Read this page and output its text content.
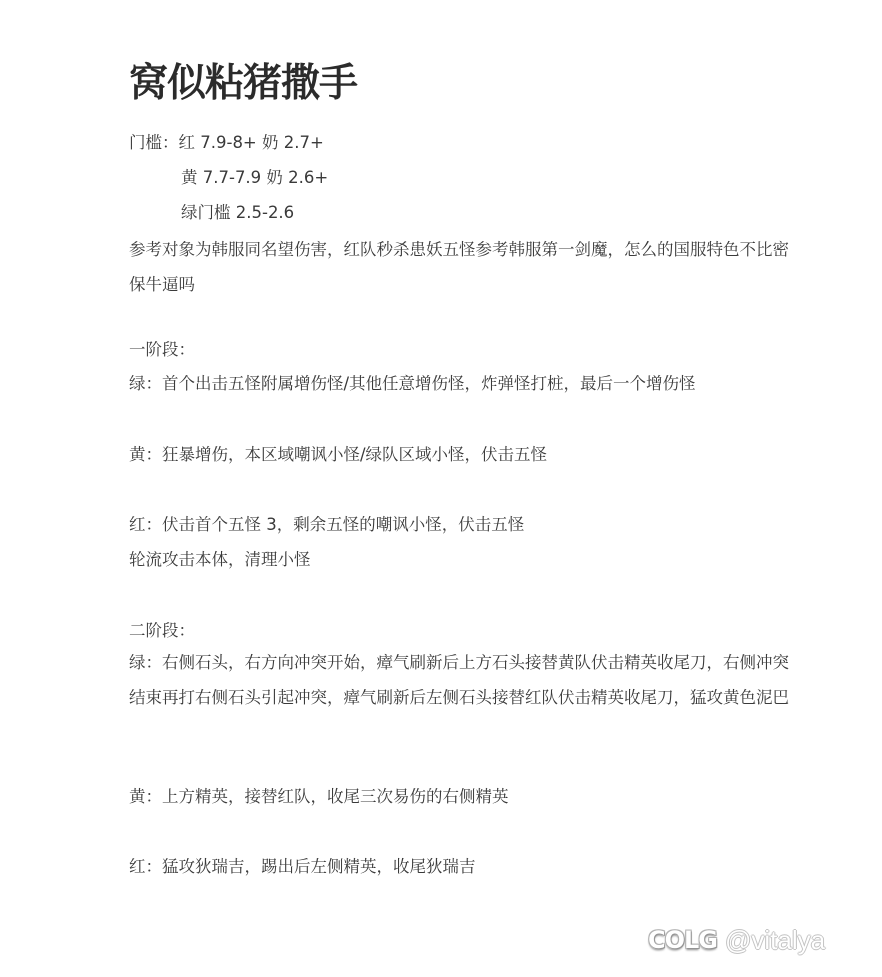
窝似粘猪撒手
门槛：红 7.9-8+ 奶 2.7+
黄 7.7-7.9 奶 2.6+
绿门槛 2.5-2.6
参考对象为韩服同名望伤害，红队秒杀患妖五怪参考韩服第一剑魔，怎么的国服特色不比密保牛逼吗
一阶段：
绿：首个出击五怪附属增伤怪/其他任意增伤怪，炸弹怪打桩，最后一个增伤怪
黄：狂暴增伤，本区域嘲讽小怪/绿队区域小怪，伏击五怪
红：伏击首个五怪 3，剩余五怪的嘲讽小怪，伏击五怪
轮流攻击本体，清理小怪
二阶段：
绿：右侧石头，右方向冲突开始，瘴气刷新后上方石头接替黄队伏击精英收尾刀，右侧冲突结束再打右侧石头引起冲突，瘴气刷新后左侧石头接替红队伏击精英收尾刀，猛攻黄色泥巴
黄：上方精英，接替红队，收尾三次易伤的右侧精英
红：猛攻狄瑞吉，踢出后左侧精英，收尾狄瑞吉
COLG @vitalya
